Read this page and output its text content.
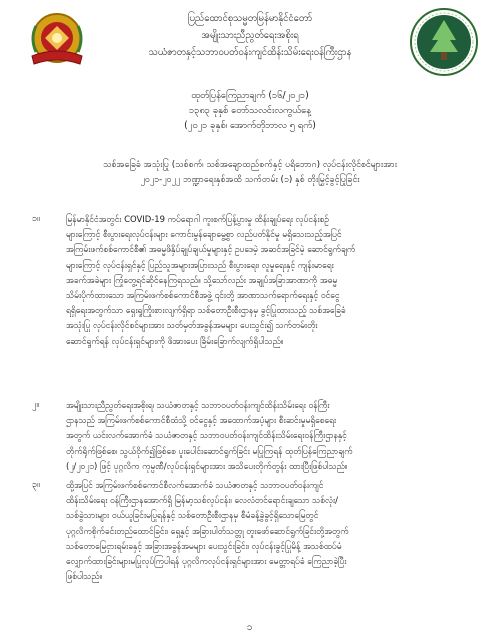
ပြည်ထောင်စုသမ္မတမြန်မာနိုင်ငံတော်
အမျိုးသားညီညွတ်ရေးအစိုးရ
သယံဇာတနှင့်သဘာဝပတ်ဝန်းကျင်ထိန်းသိမ်းရေးဝန်ကြီးဌာန
ထုတ်ပြန်ကြေညာချက် (၁၆/၂၀၂၁)
၁၃၈၃ ခုနှစ် တော်သလင်းလကွယ်နေ့
(၂၀၂၁ ခုနှစ်၊ အောက်တိုဘာလ ၅ ရက်)
သစ်အခြေခံ အသုံးပြု (သစ်စက်၊ သစ်အချောထည်စက်နှင့် ပရိဘောဂ) လုပ်ငန်းလိုင်စင်များအား
၂၀၂၁-၂၀၂၂ ဘဏ္ဍာရေးနှစ်အထိ သက်တမ်း (၁) နှစ် တိုးမြှင့်ခွင့်ပြုခြင်း
၁။	မြန်မာနိုင်ငံအတွင်း COVID-19 ကပ်ရောဂါ ကူးစက်ပြန့်ပွားမှု ထိန်းချုပ်ရေး လုပ်ငန်းစဉ်
များကြောင့် စီးပွားရေးလုပ်ငန်းများ ကောင်းမွန်ချောမွေ့စွာ လည်ပတ်နိုင်မှု မရှိသေးသည့်အပြင်
အကြမ်းဖက်စစ်ကောင်စီ၏ အဓမ္မဖိနှိပ်ချုပ်ချယ်မှုများနှင့် ဥပဒေမဲ့ အဆင်အခြင်မဲ့ ဆောင်ရွက်ချက်
များကြောင့် လုပ်ငန်းရှင်နှင့် ပြည်သူအများအပြားသည် စီးပွားရေး၊ လူမှုရေးနှင့် ကျန်းမာရေး
အခက်အခဲများ ကြုံတွေ့ရင်ဆိုင်နေကြရသည်။ သို့သော်လည်း အချုပ်အခြာအာဏာကို အဓမ္မ
သိမ်းပိုက်ထားသော အကြမ်းဖက်စစ်ကောင်စီအဖွဲ့ ၎င်းတို့ အာဏာသက်ရောက်ရေးနှင့် ဝင်ငွေ
ရရှိရေးအတွက်သာ ရှေးရှုကြိုးစားလျက်ရှိရာ သစ်တောဦးစီးဌာနမှ ခွင့်ပြုထားသည့် သစ်အခြေခံ
အသုံးပြု လုပ်ငန်းလိုင်စင်များအား သတ်မှတ်အခွန်အမများ ပေးသွင်း၍ သက်တမ်းတိုး
ဆောင်ရွက်ရန် လုပ်ငန်းရှင်များကို ဖိအားပေး ခြိမ်းခြောက်လျက်ရှိပါသည်။
၂။	အမျိုးသားညီညွတ်ရေးအစိုးရ၊ သယံဇာတနှင့် သဘာဝပတ်ဝန်းကျင်ထိန်းသိမ်းရေး ဝန်ကြီး
ဌာနသည် အကြမ်းဖက်စစ်ကောင်စီထံသို့ ဝင်ငွေနှင့် အထောက်အပံ့များ စီးဆင်းမှုမရှိစေရေး
အတွက် ယင်းလက်အောက်ခံ သယံဇာတနှင့် သဘာဝပတ်ဝန်းကျင်ထိန်းသိမ်းရေးဝန်ကြီးဌာနနှင့်
တိုက်ရိုက်ဖြစ်စေ၊ သွယ်ဝိုက်၍ဖြစ်စေ ပူးပေါင်းဆောင်ရွက်ခြင်း မပြုကြရန် ထုတ်ပြန်ကြေညာချက်
(၂/၂၀၂၁) ဖြင့် ပုဂ္ဂလိက ကုမ္ပဏီ/လုပ်ငန်းရှင်များအား အသိပေးတိုက်တွန်း ထားပြီးဖြစ်ပါသည်။
၃။	ထို့အပြင် အကြမ်းဖက်စစ်ကောင်စီလက်အောက်ခံ သယံဇာတနှင့် သဘာဝပတ်ဝန်းကျင်
ထိန်းသိမ်းရေး ဝန်ကြီးဌာနအောက်ရှိ မြန်မာ့သစ်လုပ်ငန်း၊ လေလံတင်ရောင်းချသော သစ်လုံး/
သစ်ခွဲသားများ ဝယ်ယူခြင်းမပြုရန်နှင့် သစ်တောဦးစီးဌာနမှ စီမံခန့်ခွဲခွင့်ရှိသောမြေတွင်
ပုဂ္ဂလိကစိုက်ခင်းတည်ထောင်ခြင်း၊ ရှေ့နှင့် အခြားပါတ်သတ္တု တူးဖော်ဆောင်ရွက်ခြင်းတို့အတွက်
သစ်တောမြေငှားရမ်းခနှင့် အခြားအခွန်အမများ ပေးသွင်းခြင်း၊ လုပ်ငန်းခွင့်ပြုမိန့် အသစ်ထပ်မံ
လျှောက်ထားခြင်းများမပြုလုပ်ကြပါရန် ပုဂ္ဂလိကလုပ်ငန်းရှင်များအား မေတ္တာရပ်ခံ ကြေညာခဲ့ပြီး
ဖြစ်ပါသည်။
၁
